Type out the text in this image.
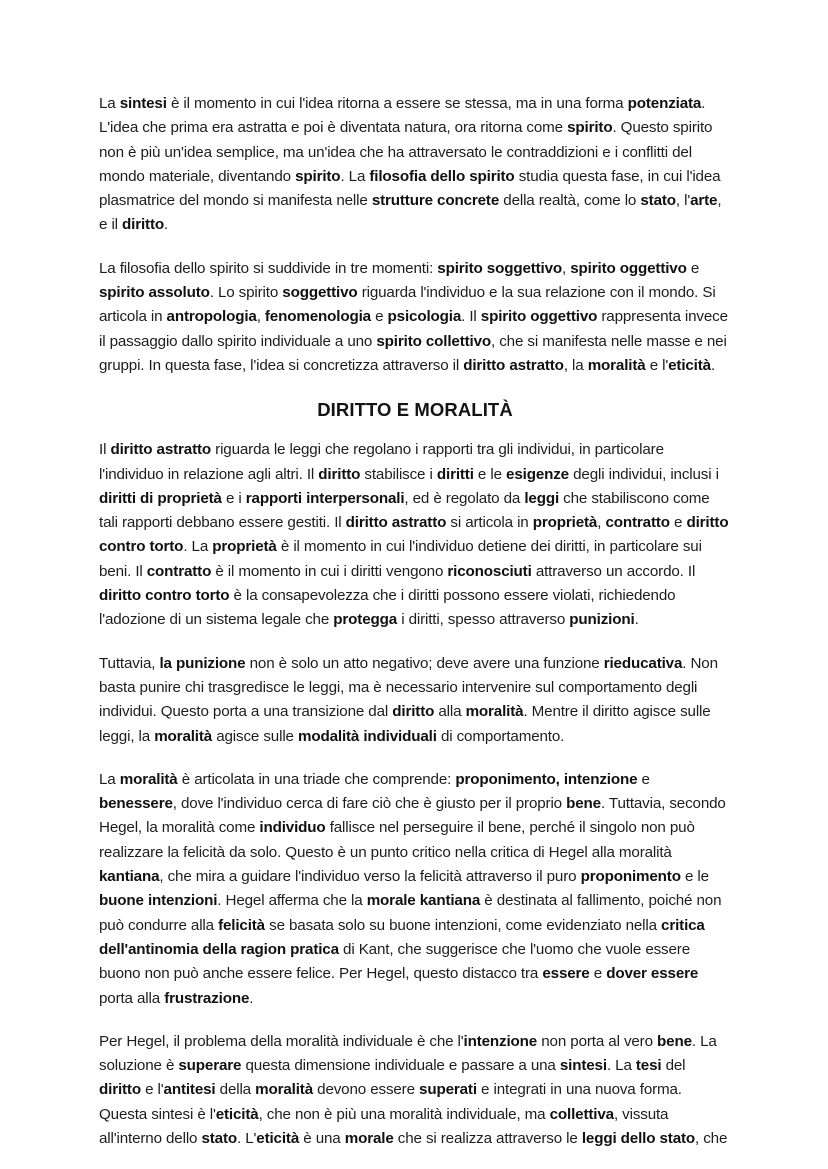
La sintesi è il momento in cui l'idea ritorna a essere se stessa, ma in una forma potenziata. L'idea che prima era astratta e poi è diventata natura, ora ritorna come spirito. Questo spirito non è più un'idea semplice, ma un'idea che ha attraversato le contraddizioni e i conflitti del mondo materiale, diventando spirito. La filosofia dello spirito studia questa fase, in cui l'idea plasmatrice del mondo si manifesta nelle strutture concrete della realtà, come lo stato, l'arte, e il diritto.

La filosofia dello spirito si suddivide in tre momenti: spirito soggettivo, spirito oggettivo e spirito assoluto. Lo spirito soggettivo riguarda l'individuo e la sua relazione con il mondo. Si articola in antropologia, fenomenologia e psicologia. Il spirito oggettivo rappresenta invece il passaggio dallo spirito individuale a uno spirito collettivo, che si manifesta nelle masse e nei gruppi. In questa fase, l'idea si concretizza attraverso il diritto astratto, la moralità e l'eticità.

DIRITTO E MORALITÀ

Il diritto astratto riguarda le leggi che regolano i rapporti tra gli individui, in particolare l'individuo in relazione agli altri. Il diritto stabilisce i diritti e le esigenze degli individui, inclusi i diritti di proprietà e i rapporti interpersonali, ed è regolato da leggi che stabiliscono come tali rapporti debbano essere gestiti. Il diritto astratto si articola in proprietà, contratto e diritto contro torto. La proprietà è il momento in cui l'individuo detiene dei diritti, in particolare sui beni. Il contratto è il momento in cui i diritti vengono riconosciuti attraverso un accordo. Il diritto contro torto è la consapevolezza che i diritti possono essere violati, richiedendo l'adozione di un sistema legale che protegga i diritti, spesso attraverso punizioni.

Tuttavia, la punizione non è solo un atto negativo; deve avere una funzione rieducativa. Non basta punire chi trasgredisce le leggi, ma è necessario intervenire sul comportamento degli individui. Questo porta a una transizione dal diritto alla moralità. Mentre il diritto agisce sulle leggi, la moralità agisce sulle modalità individuali di comportamento.

La moralità è articolata in una triade che comprende: proponimento, intenzione e benessere, dove l'individuo cerca di fare ciò che è giusto per il proprio bene. Tuttavia, secondo Hegel, la moralità come individuo fallisce nel perseguire il bene, perché il singolo non può realizzare la felicità da solo. Questo è un punto critico nella critica di Hegel alla moralità kantiana, che mira a guidare l'individuo verso la felicità attraverso il puro proponimento e le buone intenzioni. Hegel afferma che la morale kantiana è destinata al fallimento, poiché non può condurre alla felicità se basata solo su buone intenzioni, come evidenziato nella critica dell'antinomia della ragion pratica di Kant, che suggerisce che l'uomo che vuole essere buono non può anche essere felice. Per Hegel, questo distacco tra essere e dover essere porta alla frustrazione.

Per Hegel, il problema della moralità individuale è che l'intenzione non porta al vero bene. La soluzione è superare questa dimensione individuale e passare a una sintesi. La tesi del diritto e l'antitesi della moralità devono essere superati e integrati in una nuova forma. Questa sintesi è l'eticità, che non è più una moralità individuale, ma collettiva, vissuta all'interno dello stato. L'eticità è una morale che si realizza attraverso le leggi dello stato, che
